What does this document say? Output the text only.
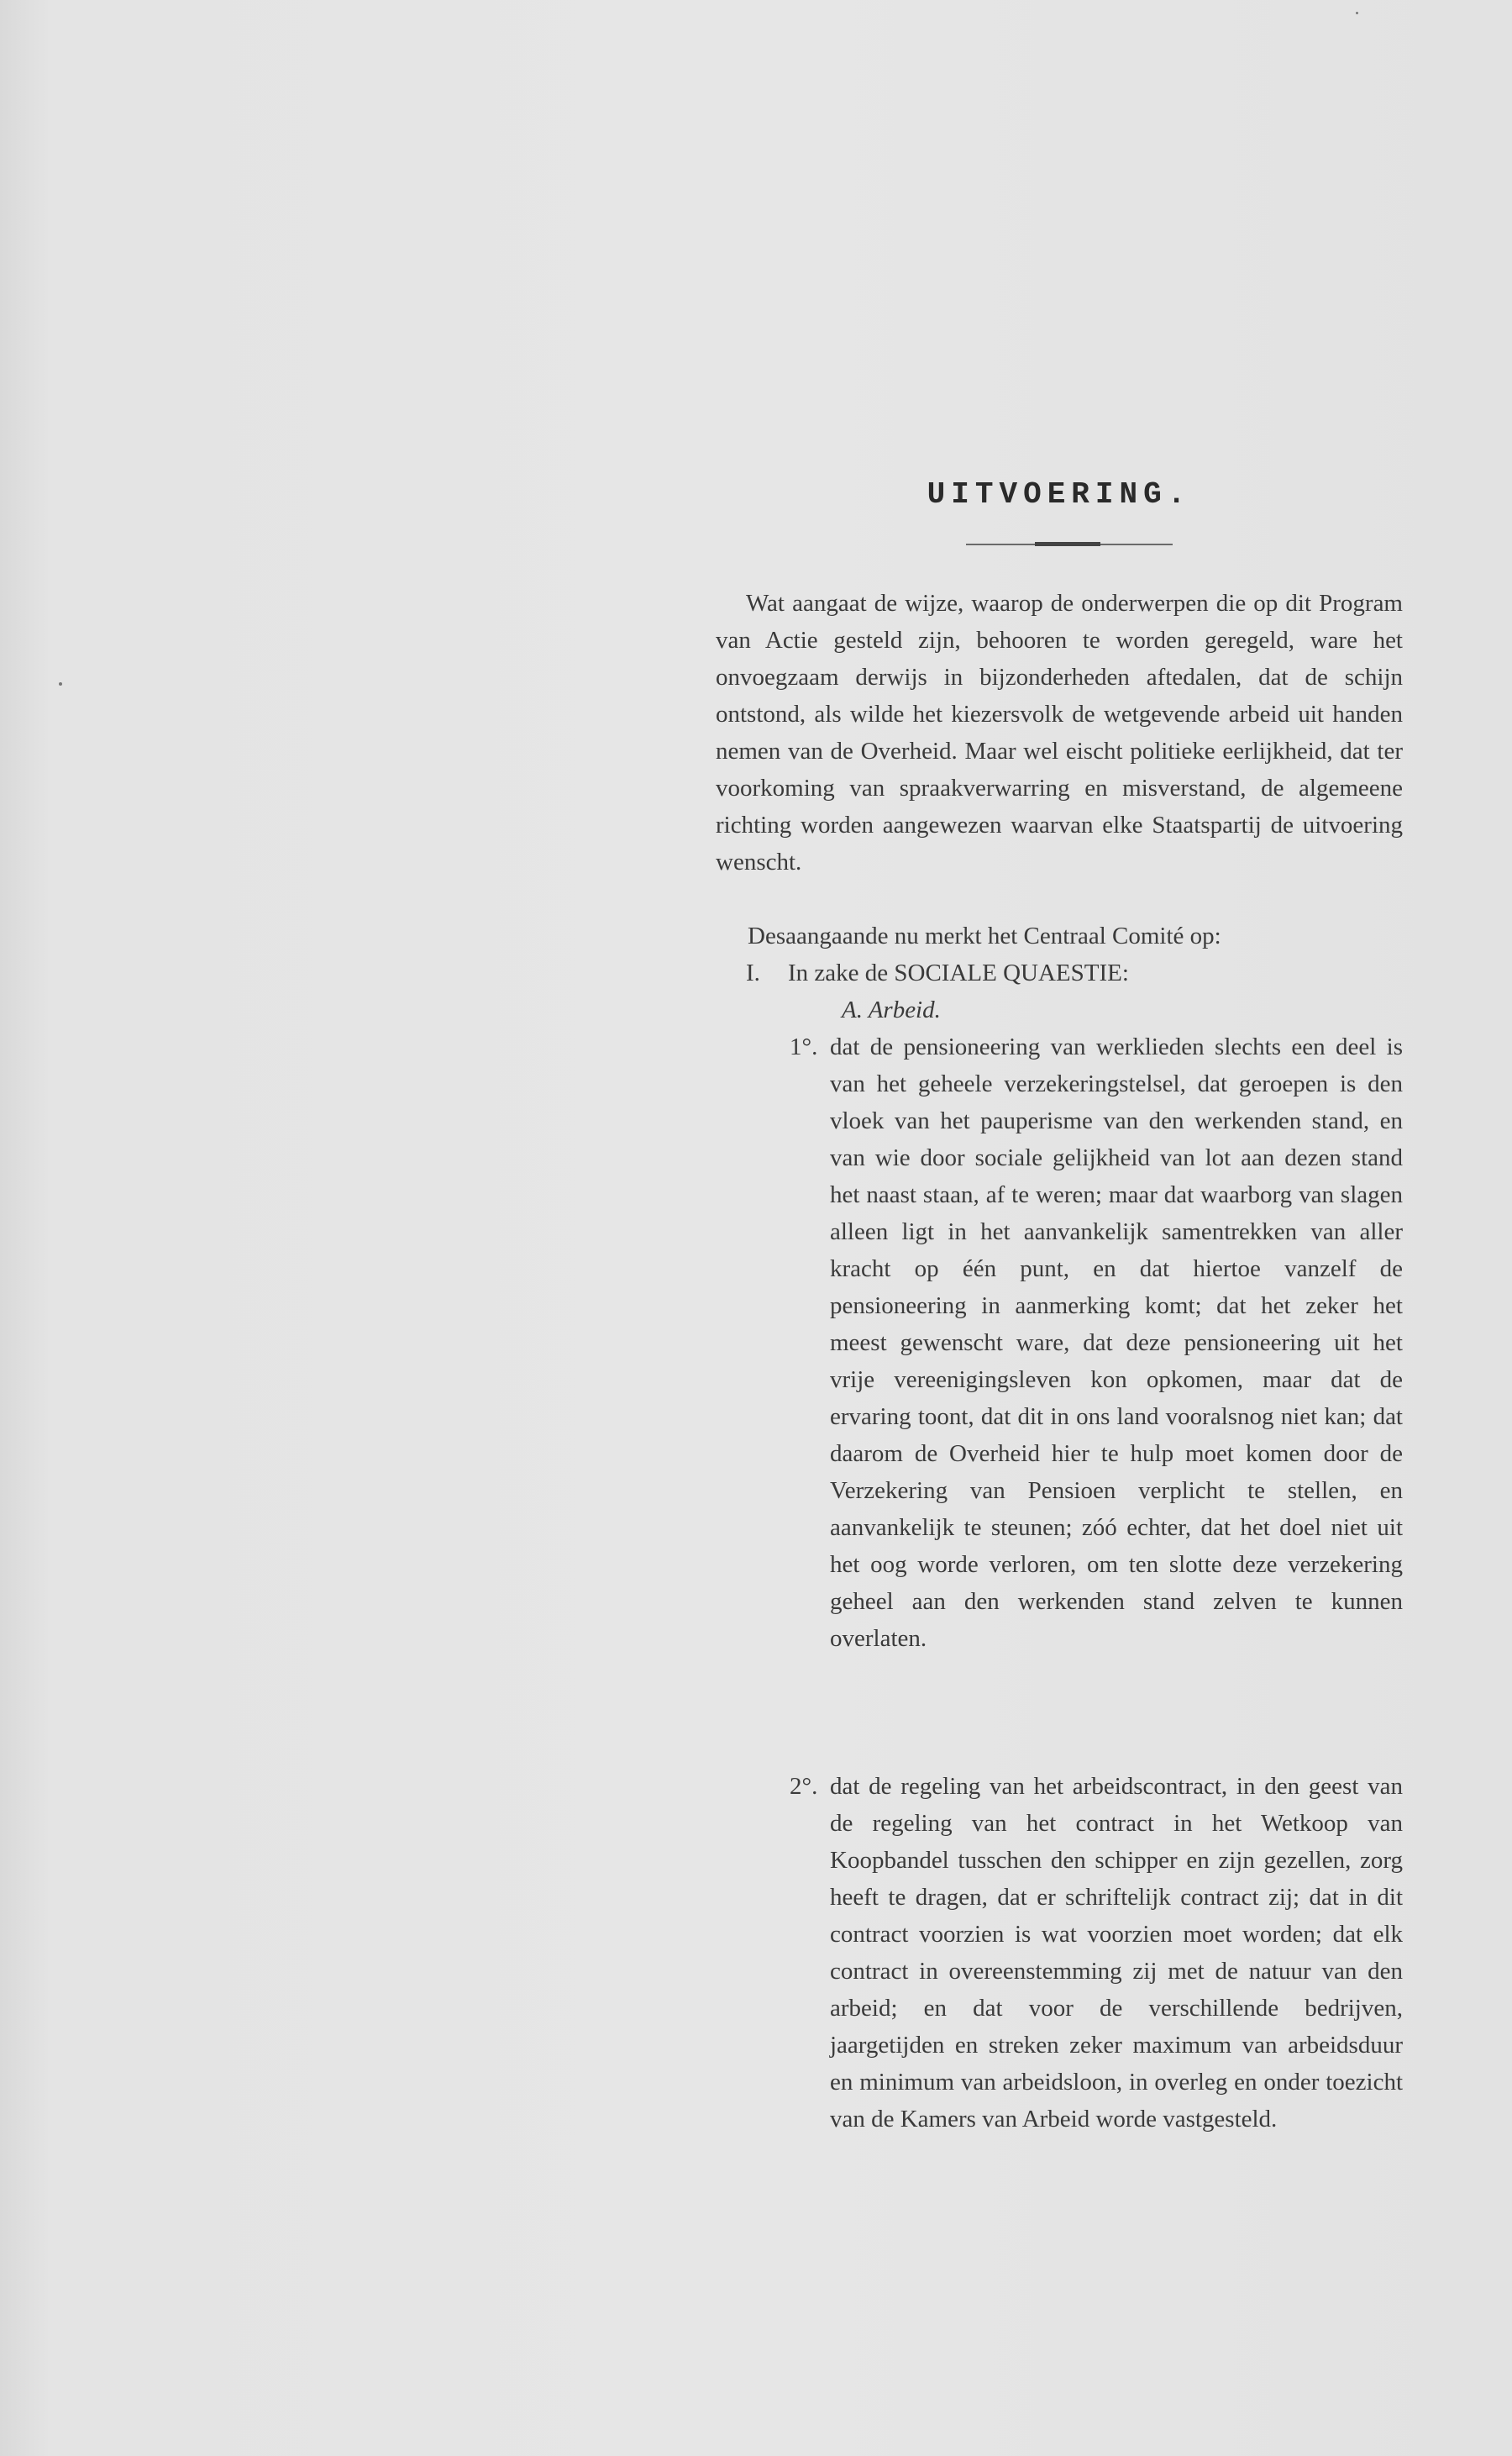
UITVOERING.
Wat aangaat de wijze, waarop de onderwerpen die op dit Program van Actie gesteld zijn, behooren te worden geregeld, ware het onvoegzaam derwijs in bijzonderheden aftedalen, dat de schijn ontstond, als wilde het kiezersvolk de wetgevende arbeid uit handen nemen van de Overheid. Maar wel eischt politieke eerlijkheid, dat ter voorkoming van spraakverwarring en misverstand, de algemeene richting worden aangewezen waarvan elke Staatspartij de uitvoering wenscht.
Desaangaande nu merkt het Centraal Comité op:
I. In zake de SOCIALE QUAESTIE:
A. Arbeid.
1°. dat de pensioneering van werklieden slechts een deel is van het geheele verzekeringstelsel, dat geroepen is den vloek van het pauperisme van den werkenden stand, en van wie door sociale gelijkheid van lot aan dezen stand het naast staan, af te weren; maar dat waarborg van slagen alleen ligt in het aanvankelijk samentrekken van aller kracht op één punt, en dat hiertoe vanzelf de pensioneering in aanmerking komt; dat het zeker het meest gewenscht ware, dat deze pensioneering uit het vrije vereenigingsleven kon opkomen, maar dat de ervaring toont, dat dit in ons land vooralsnog niet kan; dat daarom de Overheid hier te hulp moet komen door de Verzekering van Pensioen verplicht te stellen, en aanvankelijk te steunen; zóó echter, dat het doel niet uit het oog worde verloren, om ten slotte deze verzekering geheel aan den werkenden stand zelven te kunnen overlaten.
2°. dat de regeling van het arbeidscontract, in den geest van de regeling van het contract in het Wetkoop van Koopbandel tusschen den schipper en zijn gezellen, zorg heeft te dragen, dat er schriftelijk contract zij; dat in dit contract voorzien is wat voorzien moet worden; dat elk contract in overeenstemming zij met de natuur van den arbeid; en dat voor de verschillende bedrijven, jaargetijden en streken zeker maximum van arbeidsduur en minimum van arbeidsloon, in overleg en onder toezicht van de Kamers van Arbeid worde vastgesteld.
